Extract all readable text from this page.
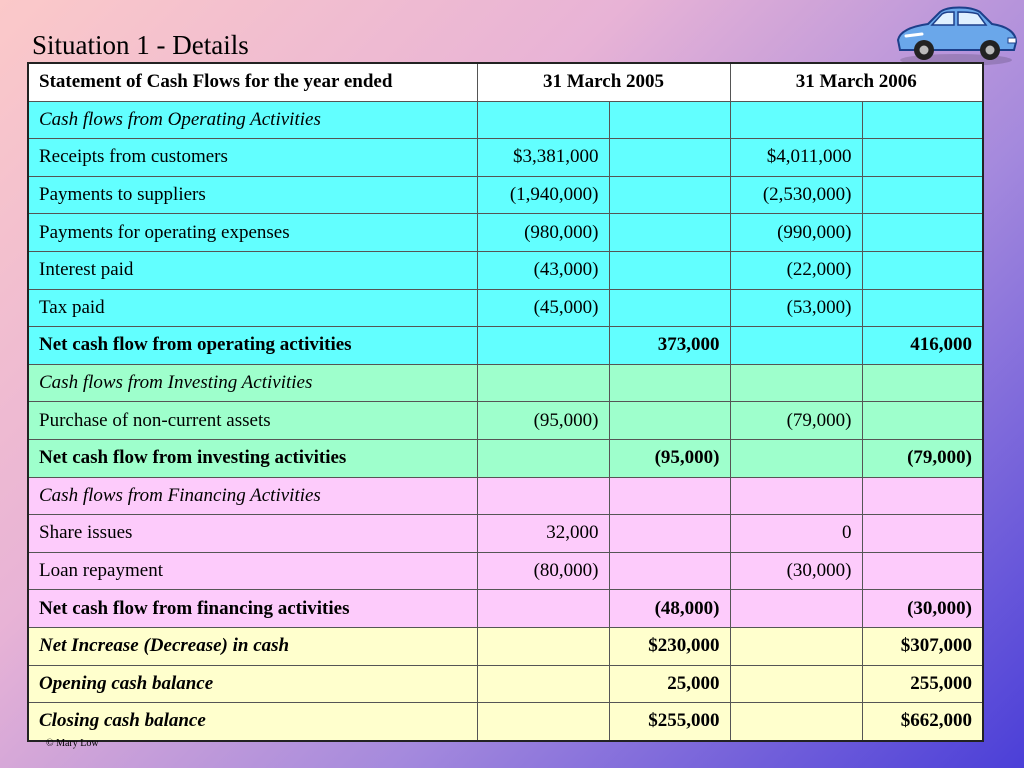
Situation 1 - Details
Statement of Cash Flows for the year ended	31 March 2005		31 March 2006	
Cash flows from Operating Activities				
Receipts from customers	$3,381,000		$4,011,000	
Payments to suppliers	(1,940,000)		(2,530,000)	
Payments for operating expenses	(980,000)		(990,000)	
Interest paid	(43,000)		(22,000)	
Tax paid	(45,000)		(53,000)	
Net cash flow from operating activities		373,000		416,000
Cash flows from Investing Activities				
Purchase of non-current assets	(95,000)		(79,000)	
Net cash flow from investing activities		(95,000)		(79,000)
Cash flows from Financing Activities				
Share issues	32,000		0	
Loan repayment	(80,000)		(30,000)	
Net cash flow from financing activities		(48,000)		(30,000)
Net Increase (Decrease) in cash		$230,000		$307,000
Opening cash balance		25,000		255,000
Closing cash balance		$255,000		$662,000
© Mary Low
